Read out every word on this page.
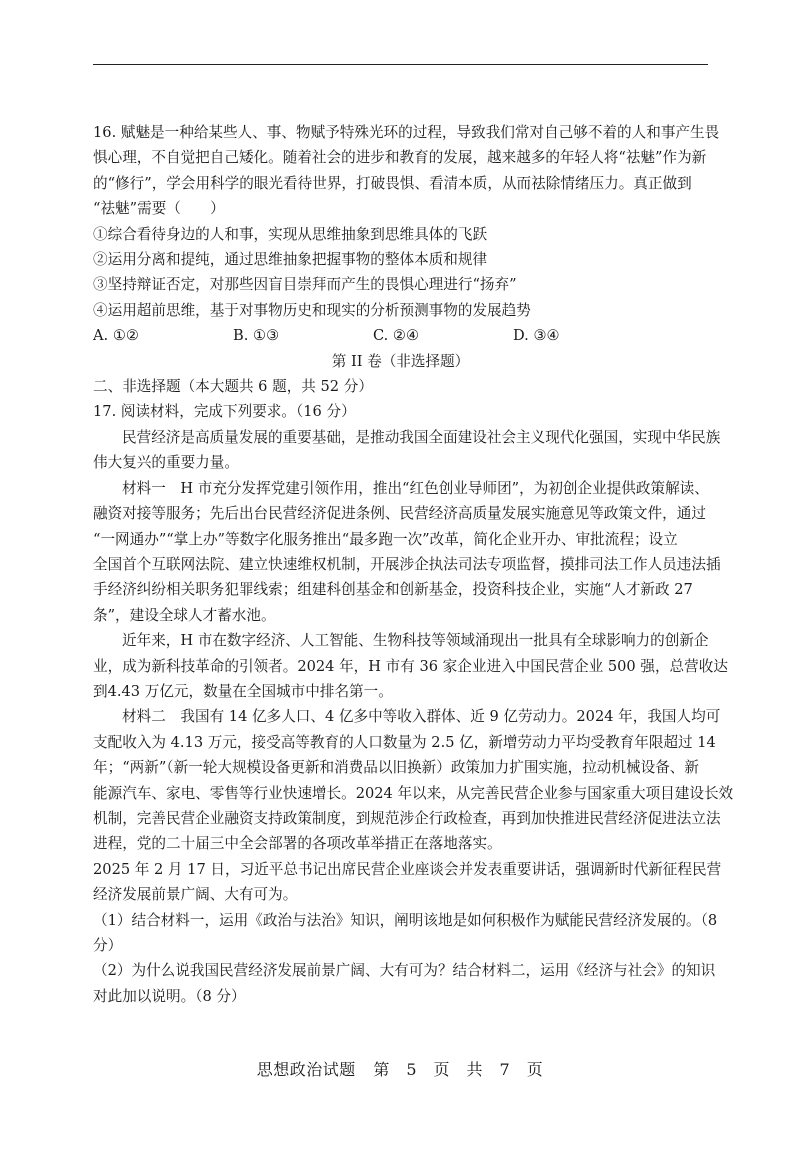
16. 赋魅是一种给某些人、事、物赋予特殊光环的过程，导致我们常对自己够不着的人和事产生畏
惧心理，不自觉把自己矮化。随着社会的进步和教育的发展，越来越多的年轻人将“祛魅”作为新
的“修行”，学会用科学的眼光看待世界，打破畏惧、看清本质，从而祛除情绪压力。真正做到
“祛魅”需要（　　）
①综合看待身边的人和事，实现从思维抽象到思维具体的飞跃
②运用分离和提纯，通过思维抽象把握事物的整体本质和规律
③坚持辩证否定，对那些因盲目崇拜而产生的畏惧心理进行“扬弃”
④运用超前思维，基于对事物历史和现实的分析预测事物的发展趋势
A. ①②	B. ①③	C. ②④	D. ③④
第 II 卷（非选择题）
二、非选择题（本大题共 6 题，共 52 分）
17. 阅读材料，完成下列要求。（16 分）
民营经济是高质量发展的重要基础，是推动我国全面建设社会主义现代化强国，实现中华民族
伟大复兴的重要力量。
材料一　H 市充分发挥党建引领作用，推出“红色创业导师团”，为初创企业提供政策解读、
融资对接等服务；先后出台民营经济促进条例、民营经济高质量发展实施意见等政策文件，通过
“一网通办”“掌上办”等数字化服务推出“最多跑一次”改革，简化企业开办、审批流程；设立
全国首个互联网法院、建立快速维权机制，开展涉企执法司法专项监督，摸排司法工作人员违法插
手经济纠纷相关职务犯罪线索；组建科创基金和创新基金，投资科技企业，实施“人才新政 27
条”，建设全球人才蓄水池。
近年来，H 市在数字经济、人工智能、生物科技等领域涌现出一批具有全球影响力的创新企
业，成为新科技革命的引领者。2024 年，H 市有 36 家企业进入中国民营企业 500 强，总营收达
到4.43 万亿元，数量在全国城市中排名第一。
材料二　我国有 14 亿多人口、4 亿多中等收入群体、近 9 亿劳动力。2024 年，我国人均可
支配收入为 4.13 万元，接受高等教育的人口数量为 2.5 亿，新增劳动力平均受教育年限超过 14
年；“两新”（新一轮大规模设备更新和消费品以旧换新）政策加力扩围实施，拉动机械设备、新
能源汽车、家电、零售等行业快速增长。2024 年以来，从完善民营企业参与国家重大项目建设长效
机制，完善民营企业融资支持政策制度，到规范涉企行政检查，再到加快推进民营经济促进法立法
进程，党的二十届三中全会部署的各项改革举措正在落地落实。
2025 年 2 月 17 日，习近平总书记出席民营企业座谈会并发表重要讲话，强调新时代新征程民营
经济发展前景广阔、大有可为。
（1）结合材料一，运用《政治与法治》知识，阐明该地是如何积极作为赋能民营经济发展的。（8
分）
（2）为什么说我国民营经济发展前景广阔、大有可为？结合材料二，运用《经济与社会》的知识
对此加以说明。（8 分）
思想政治试题 第　5　页　共　7　页
